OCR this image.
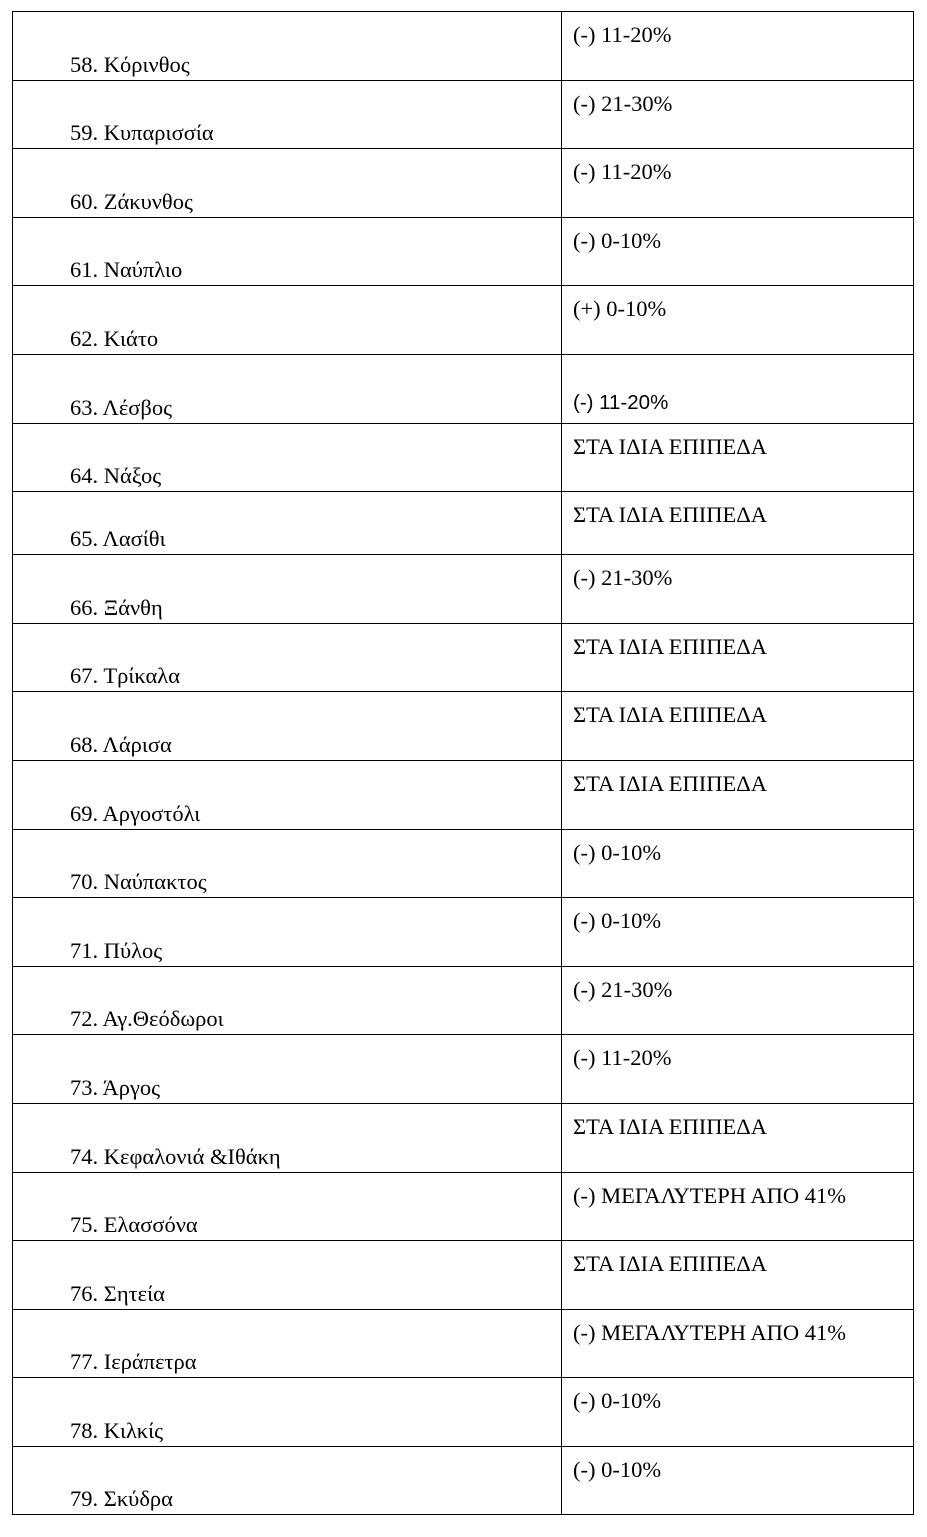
58. Κόρινθος	(-) 11-20%

59. Κυπαρισσία	(-) 21-30%

60. Ζάκυνθος	(-) 11-20%

61. Ναύπλιο	(-) 0-10%

62. Κιάτο	(+) 0-10%

63. Λέσβος	(-) 11-20%

64. Νάξος	ΣΤΑ ΙΔΙΑ ΕΠΙΠΕΔΑ

65. Λασίθι	ΣΤΑ ΙΔΙΑ ΕΠΙΠΕΔΑ

66. Ξάνθη	(-) 21-30%

67. Τρίκαλα	ΣΤΑ ΙΔΙΑ ΕΠΙΠΕΔΑ

68. Λάρισα	ΣΤΑ ΙΔΙΑ ΕΠΙΠΕΔΑ

69. Αργοστόλι	ΣΤΑ ΙΔΙΑ ΕΠΙΠΕΔΑ

70. Ναύπακτος	(-) 0-10%

71. Πύλος	(-) 0-10%

72. Αγ.Θεόδωροι	(-) 21-30%

73. Άργος	(-) 11-20%

74. Κεφαλονιά &Ιθάκη	ΣΤΑ ΙΔΙΑ ΕΠΙΠΕΔΑ

75. Ελασσόνα	(-) ΜΕΓΑΛΥΤΕΡΗ ΑΠΟ 41%

76. Σητεία	ΣΤΑ ΙΔΙΑ ΕΠΙΠΕΔΑ

77. Ιεράπετρα	(-) ΜΕΓΑΛΥΤΕΡΗ ΑΠΟ 41%

78. Κιλκίς	(-) 0-10%

79. Σκύδρα	(-) 0-10%
